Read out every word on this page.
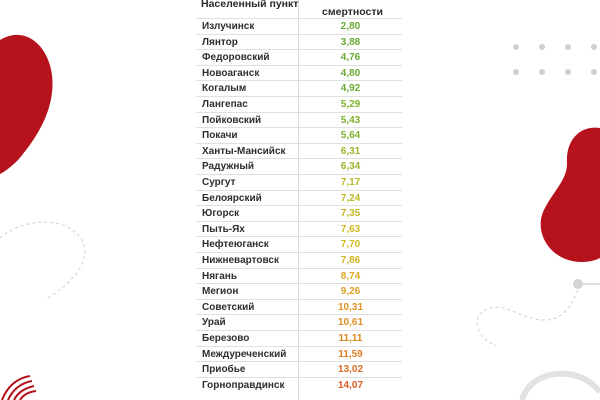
Населенный пункт
смертности
Излучинск	2,80
Лянтор	3,88
Федоровский	4,76
Новоаганск	4,80
Когалым	4,92
Лангепас	5,29
Пойковский	5,43
Покачи	5,64
Ханты-Мансийск	6,31
Радужный	6,34
Сургут	7,17
Белоярский	7,24
Югорск	7,35
Пыть-Ях	7,63
Нефтеюганск	7,70
Нижневартовск	7,86
Нягань	8,74
Мегион	9,26
Советский	10,31
Урай	10,61
Березово	11,11
Междуреченский	11,59
Приобье	13,02
Горноправдинск	14,07
